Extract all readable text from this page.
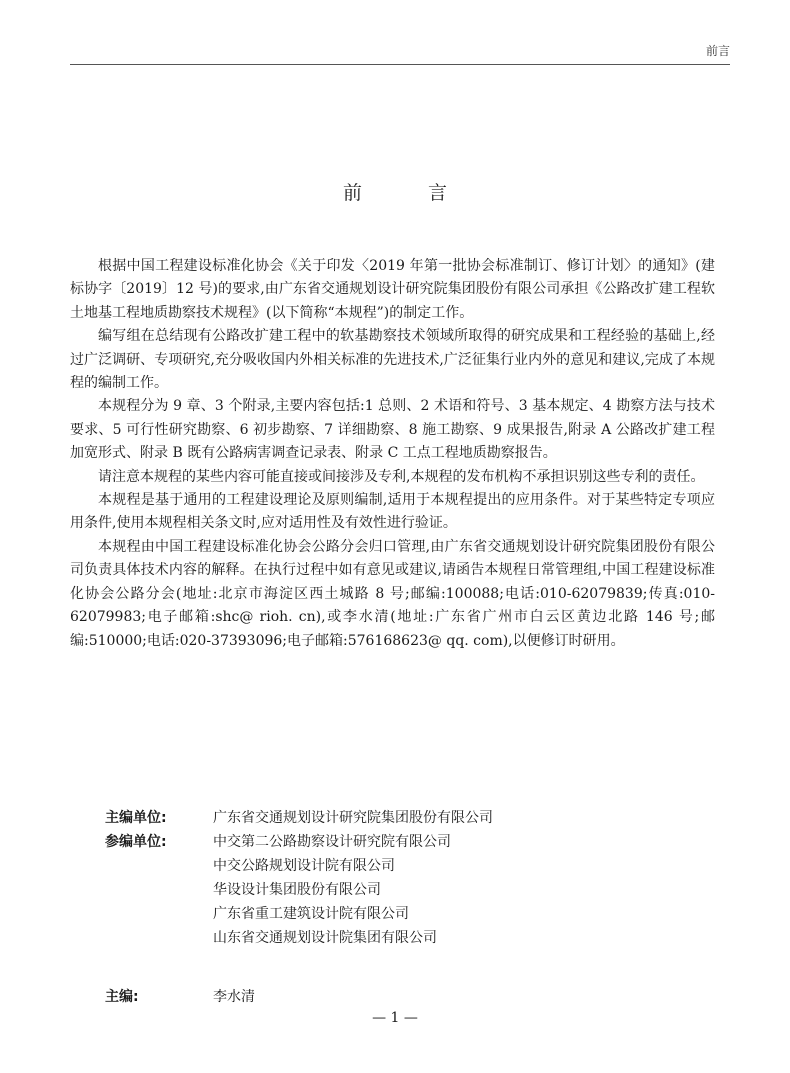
前言
前 言

根据中国工程建设标准化协会《关于印发〈2019 年第一批协会标准制订、修订计划〉的通知》(建标协字〔2019〕12 号)的要求,由广东省交通规划设计研究院集团股份有限公司承担《公路改扩建工程软土地基工程地质勘察技术规程》(以下简称“本规程”)的制定工作。

编写组在总结现有公路改扩建工程中的软基勘察技术领域所取得的研究成果和工程经验的基础上,经过广泛调研、专项研究,充分吸收国内外相关标准的先进技术,广泛征集行业内外的意见和建议,完成了本规程的编制工作。

本规程分为 9 章、3 个附录,主要内容包括:1 总则、2 术语和符号、3 基本规定、4 勘察方法与技术要求、5 可行性研究勘察、6 初步勘察、7 详细勘察、8 施工勘察、9 成果报告,附录 A 公路改扩建工程加宽形式、附录 B 既有公路病害调查记录表、附录 C 工点工程地质勘察报告。

请注意本规程的某些内容可能直接或间接涉及专利,本规程的发布机构不承担识别这些专利的责任。

本规程是基于通用的工程建设理论及原则编制,适用于本规程提出的应用条件。对于某些特定专项应用条件,使用本规程相关条文时,应对适用性及有效性进行验证。

本规程由中国工程建设标准化协会公路分会归口管理,由广东省交通规划设计研究院集团股份有限公司负责具体技术内容的解释。在执行过程中如有意见或建议,请函告本规程日常管理组,中国工程建设标准化协会公路分会(地址:北京市海淀区西土城路 8 号;邮编:100088;电话:010-62079839;传真:010-62079983;电子邮箱:shc@ rioh. cn),或李水清(地址:广东省广州市白云区黄边北路 146 号;邮编:510000;电话:020-37393096;电子邮箱:576168623@ qq. com),以便修订时研用。

主编单位:	广东省交通规划设计研究院集团股份有限公司
参编单位:	中交第二公路勘察设计研究院有限公司
中交公路规划设计院有限公司
华设设计集团股份有限公司
广东省重工建筑设计院有限公司
山东省交通规划设计院集团有限公司
主编:	李水清
— 1 —
